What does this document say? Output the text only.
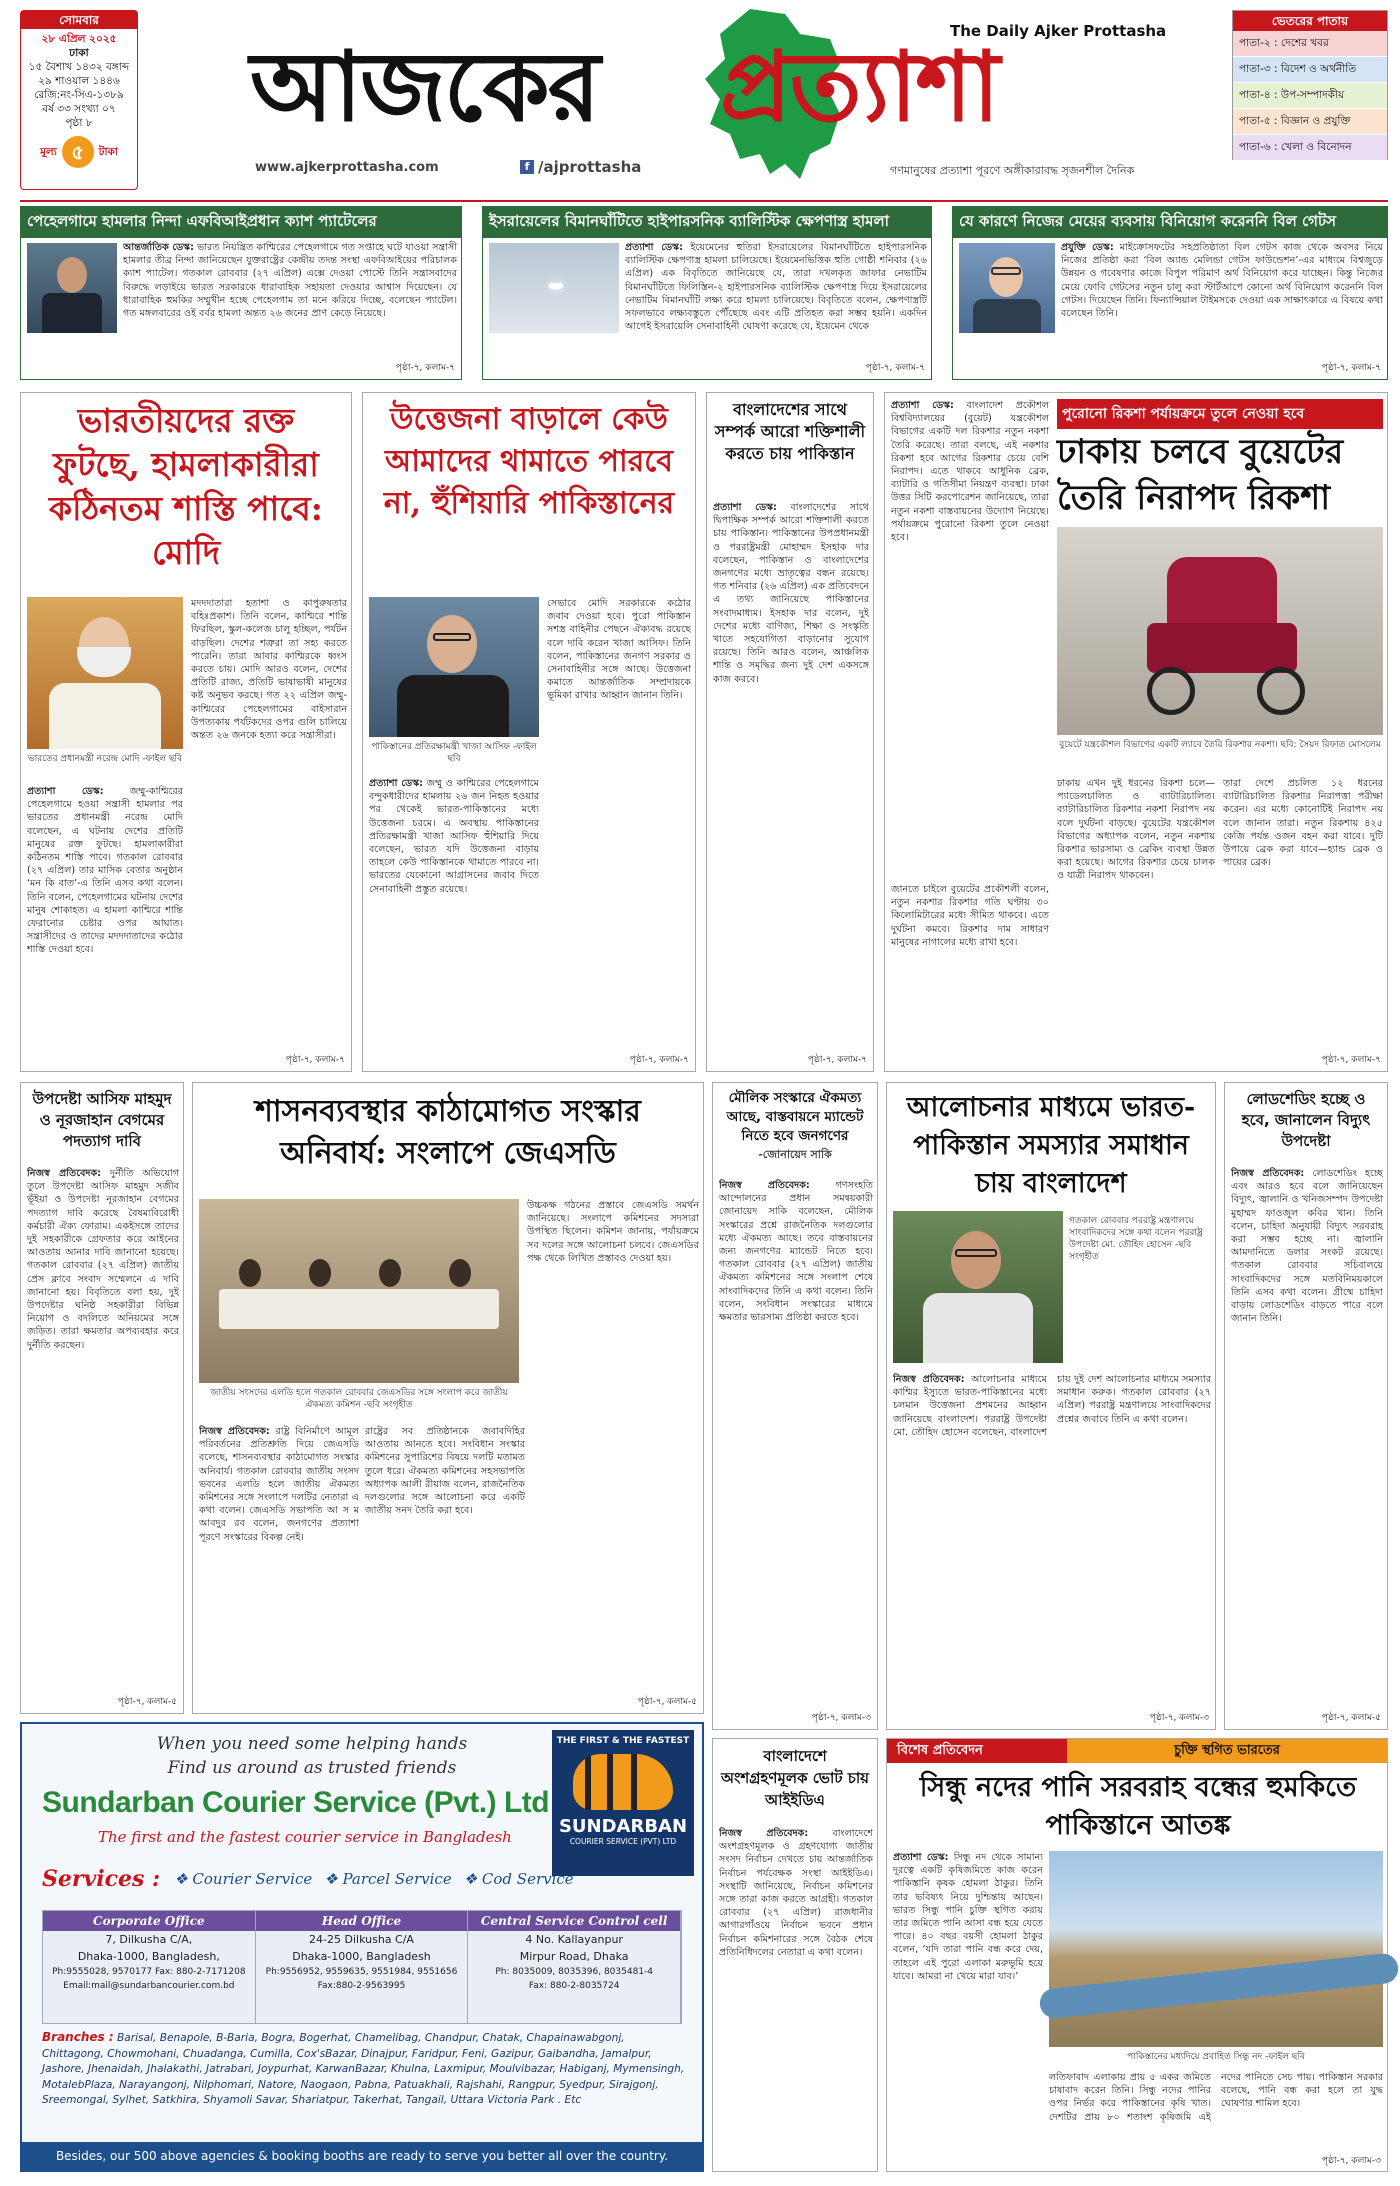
সোমবার
২৮ এপ্রিল ২০২৫
ঢাকা
১৫ বৈশাখ ১৪৩২ বঙ্গাব্দ
২৯ শাওয়াল ১৪৪৬
রেজি:নং-সিএ-১৩৮৯
বর্ষ ৩৩ সংখ্যা ০৭
পৃষ্ঠা ৮
মূল্য ৫	টাকা
আজকের প্রত্যাশা
The Daily Ajker Prottasha
www.ajkerprottasha.com	f /ajprottasha	গণমানুষের প্রত্যাশা পূরণে অঙ্গীকারাবদ্ধ সৃজনশীল দৈনিক
ভেতরের পাতায়
পাতা-২ : দেশের খবর
পাতা-৩ : বিদেশ ও অর্থনীতি
পাতা-৪ : উপ-সম্পাদকীয়
পাতা-৫ : বিজ্ঞান ও প্রযুক্তি
পাতা-৬ : খেলা ও বিনোদন
পেহেলগামে হামলার নিন্দা এফবিআইপ্রধান ক্যাশ প্যাটেলের
আন্তর্জাতিক ডেস্ক: ভারত নিয়ন্ত্রিত কাশ্মিরের পেহেলগামে গত সপ্তাহে ঘটে যাওয়া সন্ত্রাসী হামলার তীব্র নিন্দা জানিয়েছেন যুক্তরাষ্ট্রের কেন্দ্রীয় তদন্ত সংস্থা এফবিআইয়ের পরিচালক ক্যাশ প্যাটেল। গতকাল রোববার (২৭ এপ্রিল) এক্সে দেওয়া পোস্টে তিনি সন্ত্রাসবাদের বিরুদ্ধে লড়াইয়ে ভারত সরকারকে ধারাবাহিক সহায়তা দেওয়ার আশ্বাস দিয়েছেন। যে ধারাবাহিক হুমকির সম্মুখীন হচ্ছে পেহেলগাম তা মনে করিয়ে দিচ্ছে, বলেছেন প্যাটেল। গত মঙ্গলবারের ওই বর্বর হামলা অন্তত ২৬ জনের প্রাণ কেড়ে নিয়েছে।
পৃষ্ঠা-৭, কলাম-৭
ইসরায়েলের বিমানঘাঁটিতে হাইপারসনিক ব্যালিস্টিক ক্ষেপণাস্ত্র হামলা
প্রত্যাশা ডেস্ক: ইয়েমেনের হুতিরা ইসরায়েলের বিমানঘাঁটিতে হাইপারসনিক ব্যালিস্টিক ক্ষেপণাস্ত্র হামলা চালিয়েছে। ইয়েমেনভিত্তিক হুতি গোষ্ঠী শনিবার (২৬ এপ্রিল) এক বিবৃতিতে জানিয়েছে যে, তারা দখলকৃত জাফার নেভাটিম বিমানঘাঁটিতে ফিলিস্তিন-২ হাইপারসনিক ব্যালিস্টিক ক্ষেপণাস্ত্র দিয়ে ইসরায়েলের নেভাটিম বিমানঘাঁটি লক্ষ্য করে হামলা চালিয়েছে। বিবৃতিতে বলেন, ক্ষেপণাস্ত্রটি সফলভাবে লক্ষ্যবস্তুতে পৌঁছেছে এবং এটি প্রতিহত করা সম্ভব হয়নি। একদিন আগেই ইসরায়েলি সেনাবাহিনী ঘোষণা করেছে যে, ইয়েমেন থেকে
পৃষ্ঠা-৭, কলাম-৭
যে কারণে নিজের মেয়ের ব্যবসায় বিনিয়োগ করেননি বিল গেটস
প্রযুক্তি ডেস্ক: মাইক্রোসফটের সহপ্রতিষ্ঠাতা বিল গেটস কাজ থেকে অবসর নিয়ে নিজের প্রতিষ্ঠা করা ‘বিল অ্যান্ড মেলিন্ডা গেটস ফাউন্ডেশন’-এর মাধ্যমে বিশ্বজুড়ে উন্নয়ন ও গবেষণার কাজে বিপুল পরিমাণ অর্থ বিনিয়োগ করে যাচ্ছেন। কিন্তু নিজের মেয়ে ফোবি গেটসের নতুন চালু করা স্টার্টআপে কোনো অর্থ বিনিয়োগ করেননি বিল গেটস। দিয়েছেন তিনি। ফিন্যান্সিয়াল টাইমসকে দেওয়া এক সাক্ষাৎকারে এ বিষয়ে কথা বলেছেন তিনি।
পৃষ্ঠা-৭, কলাম-৭
ভারতীয়দের রক্ত ফুটছে, হামলাকারীরা কঠিনতম শাস্তি পাবে: মোদি
ভারতের প্রধানমন্ত্রী নরেন্দ্র মোদি -ফাইল ছবি
প্রত্যাশা ডেস্ক:	জম্মু-কাশ্মিরের পেহেলগামে হওয়া সন্ত্রাসী হামলার পর ভারতের প্রধানমন্ত্রী নরেন্দ্র মোদি বলেছেন, এ ঘটনায় দেশের প্রতিটি মানুষের রক্ত ফুটছে। হামলাকারীরা কঠিনতম শাস্তি পাবে। গতকাল রোববার (২৭ এপ্রিল) তার মাসিক বেতার অনুষ্ঠান ‘মন কি বাত’-এ তিনি এসব কথা বলেন। তিনি বলেন, পেহেলগামের ঘটনায় দেশের মানুষ শোকাহত। এ হামলা কাশ্মিরে শান্তি ফেরানোর চেষ্টার ওপর আঘাত। সন্ত্রাসীদের ও তাদের মদদদাতাদের কঠোর শাস্তি দেওয়া হবে।
মদদদাতারা হতাশা ও কাপুরুষতার বহিঃপ্রকাশ। তিনি বলেন, কাশ্মিরে শান্তি ফিরছিল, স্কুল-কলেজ চালু হচ্ছিল, পর্যটন বাড়ছিল। দেশের শত্রুরা তা সহ্য করতে পারেনি। তারা আবার কাশ্মিরকে ধ্বংস করতে চায়। মোদি আরও বলেন, দেশের প্রতিটি রাজ্য, প্রতিটি ভাষাভাষী মানুষের কষ্ট অনুভব করছে। গত ২২ এপ্রিল জম্মু-কাশ্মিরের পেহেলগামের বাইসারান উপত্যকায় পর্যটকদের ওপর গুলি চালিয়ে অন্তত ২৬ জনকে হত্যা করে সন্ত্রাসীরা।
পৃষ্ঠা-৭, কলাম-৭
উত্তেজনা বাড়ালে কেউ আমাদের থামাতে পারবে না, হুঁশিয়ারি পাকিস্তানের
পাকিস্তানের প্রতিরক্ষামন্ত্রী খাজা আসিফ -ফাইল ছবি
প্রত্যাশা ডেস্ক: জম্মু ও কাশ্মিরের পেহেলগামে বন্দুকধারীদের হামলায় ২৬ জন নিহত হওয়ার পর থেকেই ভারত-পাকিস্তানের মধ্যে উত্তেজনা চরমে। এ অবস্থায় পাকিস্তানের প্রতিরক্ষামন্ত্রী খাজা আসিফ হুঁশিয়ারি দিয়ে বলেছেন, ভারত যদি উত্তেজনা বাড়ায় তাহলে কেউ পাকিস্তানকে থামাতে পারবে না। ভারতের যেকোনো আগ্রাসনের জবাব দিতে সেনাবাহিনী প্রস্তুত রয়েছে।
সেভাবে মোদি সরকারকে কঠোর জবাব দেওয়া হবে। পুরো পাকিস্তান সশস্ত্র বাহিনীর পেছনে ঐক্যবদ্ধ রয়েছে বলে দাবি করেন খাজা আসিফ। তিনি বলেন, পাকিস্তানের জনগণ সরকার ও সেনাবাহিনীর সঙ্গে আছে। উত্তেজনা কমাতে আন্তর্জাতিক সম্প্রদায়কে ভূমিকা রাখার আহ্বান জানান তিনি।
পৃষ্ঠা-৭, কলাম-৭
বাংলাদেশের সাথে সম্পর্ক আরো শক্তিশালী করতে চায় পাকিস্তান
প্রত্যাশা ডেস্ক: বাংলাদেশের সাথে দ্বিপাক্ষিক সম্পর্ক আরো শক্তিশালী করতে চায় পাকিস্তান। পাকিস্তানের উপপ্রধানমন্ত্রী ও পররাষ্ট্রমন্ত্রী মোহাম্মদ ইসহাক দার বলেছেন, পাকিস্তান ও বাংলাদেশের জনগণের মধ্যে ভ্রাতৃত্বের বন্ধন রয়েছে। গত শনিবার (২৬ এপ্রিল) এক প্রতিবেদনে এ তথ্য জানিয়েছে পাকিস্তানের সংবাদমাধ্যম। ইসহাক দার বলেন, দুই দেশের মধ্যে বাণিজ্য, শিক্ষা ও সংস্কৃতি খাতে সহযোগিতা বাড়ানোর সুযোগ রয়েছে। তিনি আরও বলেন, আঞ্চলিক শান্তি ও সমৃদ্ধির জন্য দুই দেশ একসঙ্গে কাজ করবে।
পৃষ্ঠা-৭, কলাম-৭
প্রত্যাশা ডেস্ক: বাংলাদেশ প্রকৌশল বিশ্ববিদ্যালয়ের (বুয়েট) যন্ত্রকৌশল বিভাগের একটি দল রিকশার নতুন নকশা তৈরি করেছে। তারা বলছে, এই নকশার রিকশা হবে আগের রিকশার চেয়ে বেশি নিরাপদ। এতে থাকবে আধুনিক ব্রেক, ব্যাটারি ও গতিসীমা নিয়ন্ত্রণ ব্যবস্থা। ঢাকা উত্তর সিটি করপোরেশন জানিয়েছে, তারা নতুন নকশা বাস্তবায়নের উদ্যোগ নিয়েছে। পর্যায়ক্রমে পুরোনো রিকশা তুলে নেওয়া হবে।
পুরোনো রিকশা পর্যায়ক্রমে তুলে নেওয়া হবে
ঢাকায় চলবে বুয়েটের তৈরি নিরাপদ রিকশা
বুয়েটে যন্ত্রকৌশল বিভাগের একটি ল্যাবে তৈরি রিকশার নকশা। ছবি: সৈয়দ রিফাত মোসলেম
ঢাকায় এখন দুই ধরনের রিকশা চলে—প্যাডেলচালিত ও ব্যাটারিচালিত। ব্যাটারিচালিত রিকশার নকশা নিরাপদ নয় বলে দুর্ঘটনা বাড়ছে। বুয়েটের যন্ত্রকৌশল বিভাগের অধ্যাপক বলেন, নতুন নকশায় রিকশার ভারসাম্য ও ব্রেকিং ব্যবস্থা উন্নত করা হয়েছে। আগের রিকশার চেয়ে চালক ও যাত্রী নিরাপদ থাকবেন।
তারা দেশে প্রচলিত ১২ ধরনের ব্যাটারিচালিত রিকশার নিরাপত্তা পরীক্ষা করেন। এর মধ্যে কোনোটিই নিরাপদ নয় বলে জানান তারা। নতুন রিকশায় ৪২৫ কেজি পর্যন্ত ওজন বহন করা যাবে। দুটি উপায়ে ব্রেক করা যাবে—হ্যান্ড ব্রেক ও পায়ের ব্রেক।
জানতে চাইলে বুয়েটের প্রকৌশলী বলেন, নতুন নকশার রিকশার গতি ঘণ্টায় ৩০ কিলোমিটারের মধ্যে সীমিত থাকবে। এতে দুর্ঘটনা কমবে। রিকশার দাম সাধারণ মানুষের নাগালের মধ্যে রাখা হবে।
পৃষ্ঠা-৭, কলাম-৭
উপদেষ্টা আসিফ মাহমুদ ও নূরজাহান বেগমের পদত্যাগ দাবি
নিজস্ব প্রতিবেদক: দুর্নীতি অভিযোগ তুলে উপদেষ্টা আসিফ মাহমুদ সজীব ভূঁইয়া ও উপদেষ্টা নূরজাহান বেগমের পদত্যাগ দাবি করেছে বৈষম্যবিরোধী কর্মচারী ঐক্য ফোরাম। একইসঙ্গে তাদের দুই সহকারীকে গ্রেফতার করে আইনের আওতায় আনার দাবি জানানো হয়েছে। গতকাল রোববার (২৭ এপ্রিল) জাতীয় প্রেস ক্লাবে সংবাদ সম্মেলনে এ দাবি জানানো হয়। বিবৃতিতে বলা হয়, দুই উপদেষ্টার ঘনিষ্ঠ সহকারীরা বিভিন্ন নিয়োগ ও বদলিতে অনিয়মের সঙ্গে জড়িত। তারা ক্ষমতার অপব্যবহার করে দুর্নীতি করছেন।
পৃষ্ঠা-৭, কলাম-৫
শাসনব্যবস্থার কাঠামোগত সংস্কার অনিবার্য: সংলাপে জেএসডি
জাতীয় সংসদের এলডি হলে গতকাল রোববার জেএসডির সঙ্গে সংলাপ করে জাতীয় ঐকমত্য কমিশন -ছবি সংগৃহীত
উচ্চকক্ষ গঠনের প্রস্তাবে জেএসডি সমর্থন জানিয়েছে। সংলাপে কমিশনের সদস্যরা উপস্থিত ছিলেন। কমিশন জানায়, পর্যায়ক্রমে সব দলের সঙ্গে আলোচনা চলবে। জেএসডির পক্ষ থেকে লিখিত প্রস্তাবও দেওয়া হয়।
নিজস্ব প্রতিবেদক: রাষ্ট্র বিনির্মাণে আমূল পরিবর্তনের প্রতিশ্রুতি দিয়ে জেএসডি বলেছে, শাসনব্যবস্থার কাঠামোগত সংস্কার অনিবার্য। গতকাল রোববার জাতীয় সংসদ ভবনের এলডি হলে জাতীয় ঐকমত্য কমিশনের সঙ্গে সংলাপে দলটির নেতারা এ কথা বলেন। জেএসডি সভাপতি আ স ম আবদুর রব বলেন, জনগণের প্রত্যাশা পূরণে সংস্কারের বিকল্প নেই।
রাষ্ট্রের সব প্রতিষ্ঠানকে জবাবদিহির আওতায় আনতে হবে। সংবিধান সংস্কার কমিশনের সুপারিশের বিষয়ে দলটি মতামত তুলে ধরে। ঐকমত্য কমিশনের সহসভাপতি অধ্যাপক আলী রীয়াজ বলেন, রাজনৈতিক দলগুলোর সঙ্গে আলোচনা করে একটি জাতীয় সনদ তৈরি করা হবে।
পৃষ্ঠা-৭, কলাম-৫
মৌলিক সংস্কারে ঐকমত্য আছে, বাস্তবায়নে ম্যান্ডেট নিতে হবে জনগণের
-জোনায়েদ সাকি
নিজস্ব প্রতিবেদক:	গণসংহতি আন্দোলনের প্রধান সমন্বয়কারী জোনায়েদ সাকি বলেছেন, মৌলিক সংস্কারের প্রশ্নে রাজনৈতিক দলগুলোর মধ্যে ঐকমত্য আছে। তবে বাস্তবায়নের জন্য জনগণের ম্যান্ডেট নিতে হবে। গতকাল রোববার (২৭ এপ্রিল) জাতীয় ঐকমত্য কমিশনের সঙ্গে সংলাপ শেষে সাংবাদিকদের তিনি এ কথা বলেন। তিনি বলেন, সংবিধান সংস্কারের মাধ্যমে ক্ষমতার ভারসাম্য প্রতিষ্ঠা করতে হবে।
পৃষ্ঠা-৭, কলাম-৩
আলোচনার মাধ্যমে ভারত-পাকিস্তান সমস্যার সমাধান চায় বাংলাদেশ
গতকাল রোববার পররাষ্ট্র মন্ত্রণালয়ে সাংবাদিকদের সঙ্গে কথা বলেন পররাষ্ট্র উপদেষ্টা মো. তৌহিদ হোসেন -ছবি সংগৃহীত
নিজস্ব প্রতিবেদক: আলোচনার মাধ্যমে কাশ্মির ইস্যুতে ভারত-পাকিস্তানের মধ্যে চলমান উত্তেজনা প্রশমনের আহ্বান জানিয়েছে বাংলাদেশ। পররাষ্ট্র উপদেষ্টা মো. তৌহিদ হোসেন বলেছেন, বাংলাদেশ চায় দুই দেশ আলোচনার মাধ্যমে সমস্যার সমাধান করুক। গতকাল রোববার (২৭ এপ্রিল) পররাষ্ট্র মন্ত্রণালয়ে সাংবাদিকদের প্রশ্নের জবাবে তিনি এ কথা বলেন।
পৃষ্ঠা-৭, কলাম-৩
লোডশেডিং হচ্ছে ও হবে, জানালেন বিদ্যুৎ উপদেষ্টা
নিজস্ব প্রতিবেদক: লোডশেডিং হচ্ছে এবং আরও হবে বলে জানিয়েছেন বিদ্যুৎ, জ্বালানি ও খনিজসম্পদ উপদেষ্টা মুহাম্মদ ফাওজুল কবির খান। তিনি বলেন, চাহিদা অনুযায়ী বিদ্যুৎ সরবরাহ করা সম্ভব হচ্ছে না। জ্বালানি আমদানিতে ডলার সংকট রয়েছে। গতকাল রোববার সচিবালয়ে সাংবাদিকদের সঙ্গে মতবিনিময়কালে তিনি এসব কথা বলেন। গ্রীষ্মে চাহিদা বাড়ায় লোডশেডিং বাড়তে পারে বলে জানান তিনি।
পৃষ্ঠা-৭, কলাম-৫
When you need some helping hands
Find us around as trusted friends
Sundarban Courier Service (Pvt.) Ltd
The first and the fastest courier service in Bangladesh
THE FIRST & THE FASTEST
SUNDARBAN
COURIER SERVICE (PVT) LTD
Services : ❖ Courier Service ❖ Parcel Service ❖ Cod Service
Corporate Office
7, Dilkusha C/A,
Dhaka-1000, Bangladesh,
Ph:9555028, 9570177 Fax: 880-2-7171208
Email:mail@sundarbancourier.com.bd
Head Office
24-25 Dilkusha C/A
Dhaka-1000, Bangladesh
Ph:9556952, 9559635, 9551984, 9551656
Fax:880-2-9563995
Central Service Control cell
4 No. Kallayanpur
Mirpur Road, Dhaka
Ph: 8035009, 8035396, 8035481-4
Fax: 880-2-8035724
Branches : Barisal, Benapole, B-Baria, Bogra, Bogerhat, Chamelibag, Chandpur, Chatak, Chapainawabgonj, Chittagong, Chowmohani, Chuadanga, Cumilla, Cox'sBazar, Dinajpur, Faridpur, Feni, Gazipur, Gaibandha, Jamalpur, Jashore, Jhenaidah, Jhalakathi, Jatrabari, Joypurhat, KarwanBazar, Khulna, Laxmipur, Moulvibazar, Habiganj, Mymensingh, MotalebPlaza, Narayangonj, Nilphomari, Natore, Naogaon, Pabna, Patuakhali, Rajshahi, Rangpur, Syedpur, Sirajgonj, Sreemongal, Sylhet, Satkhira, Shyamoli Savar, Shariatpur, Takerhat, Tangail, Uttara Victoria Park . Etc
Besides, our 500 above agencies & booking booths are ready to serve you better all over the country.
বাংলাদেশে অংশগ্রহণমূলক ভোট চায় আইইডিএ
নিজস্ব প্রতিবেদক:	বাংলাদেশে অংশগ্রহণমূলক ও গ্রহণযোগ্য জাতীয় সংসদ নির্বাচন দেখতে চায় আন্তর্জাতিক নির্বাচন পর্যবেক্ষক সংস্থা আইইডিএ। সংস্থাটি জানিয়েছে, নির্বাচন কমিশনের সঙ্গে তারা কাজ করতে আগ্রহী। গতকাল রোববার (২৭ এপ্রিল) রাজধানীর আগারগাঁওয়ে নির্বাচন ভবনে প্রধান নির্বাচন কমিশনারের সঙ্গে বৈঠক শেষে প্রতিনিধিদলের নেতারা এ কথা বলেন।
বিশেষ প্রতিবেদন	চুক্তি স্থগিত ভারতের
সিন্ধু নদের পানি সরবরাহ বন্ধের হুমকিতে পাকিস্তানে আতঙ্ক
প্রত্যাশা ডেস্ক: সিন্ধু নদ থেকে সামান্য দূরত্বে একটি কৃষিজমিতে কাজ করেন পাকিস্তানি কৃষক হোমলা ঠাকুর। তিনি তার ভবিষ্যৎ নিয়ে দুশ্চিন্তায় আছেন। ভারত সিন্ধু পানি চুক্তি স্থগিত করায় তার জমিতে পানি আসা বন্ধ হয়ে যেতে পারে। ৪০ বছর বয়সী হোমলা ঠাকুর বলেন, ‘যদি তারা পানি বন্ধ করে দেয়, তাহলে এই পুরো এলাকা মরুভূমি হয়ে যাবে। আমরা না খেয়ে মারা যাব।’
পাকিস্তানের মধ্যদিয়ে প্রবাহিত সিন্ধু নদ -ফাইল ছবি
লতিফাবাদ এলাকায় প্রায় ৫ একর জমিতে চাষাবাদ করেন তিনি। সিন্ধু নদের পানির ওপর নির্ভর করে পাকিস্তানের কৃষি খাত। দেশটির প্রায় ৮০ শতাংশ কৃষিজমি এই নদের পানিতে সেচ পায়। পাকিস্তান সরকার বলেছে, পানি বন্ধ করা হলে তা যুদ্ধ ঘোষণার শামিল হবে।
পৃষ্ঠা-৭, কলাম-৩
